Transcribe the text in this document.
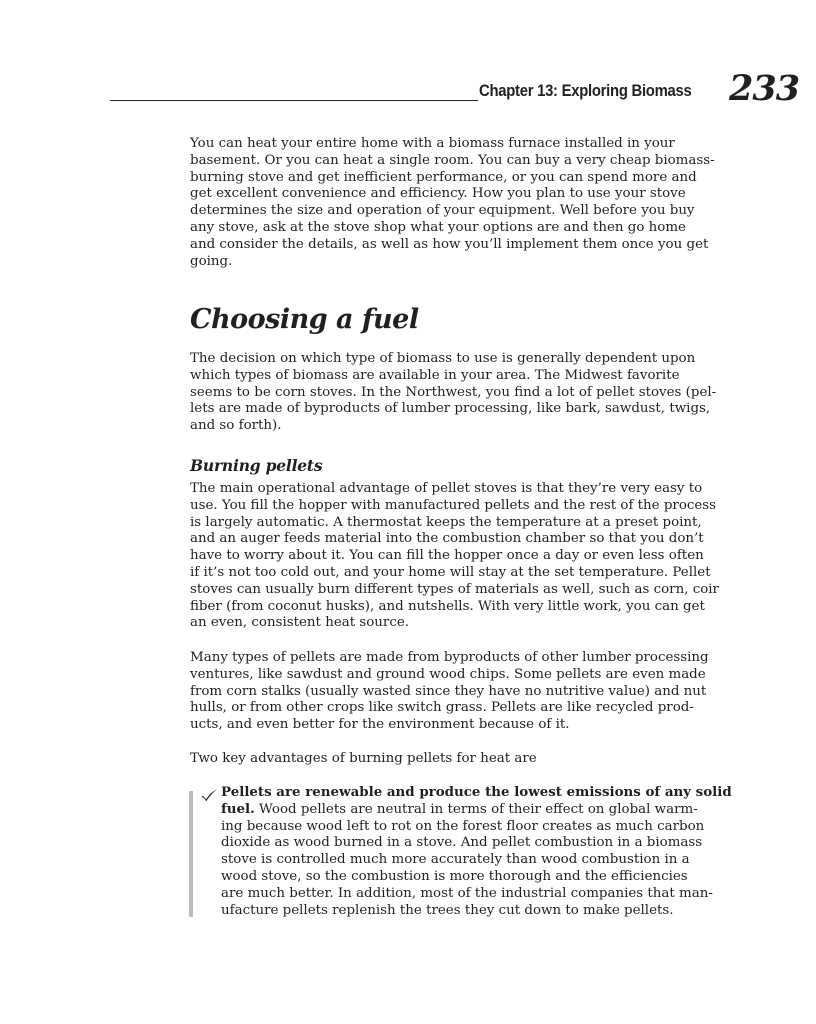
Chapter 13: Exploring Biomass 233
You can heat your entire home with a biomass furnace installed in your
basement. Or you can heat a single room. You can buy a very cheap biomass-
burning stove and get inefficient performance, or you can spend more and
get excellent convenience and efficiency. How you plan to use your stove
determines the size and operation of your equipment. Well before you buy
any stove, ask at the stove shop what your options are and then go home
and consider the details, as well as how you’ll implement them once you get
going.
Choosing a fuel
The decision on which type of biomass to use is generally dependent upon
which types of biomass are available in your area. The Midwest favorite
seems to be corn stoves. In the Northwest, you find a lot of pellet stoves (pel-
lets are made of byproducts of lumber processing, like bark, sawdust, twigs,
and so forth).
Burning pellets
The main operational advantage of pellet stoves is that they’re very easy to
use. You fill the hopper with manufactured pellets and the rest of the process
is largely automatic. A thermostat keeps the temperature at a preset point,
and an auger feeds material into the combustion chamber so that you don’t
have to worry about it. You can fill the hopper once a day or even less often
if it’s not too cold out, and your home will stay at the set temperature. Pellet
stoves can usually burn different types of materials as well, such as corn, coir
fiber (from coconut husks), and nutshells. With very little work, you can get
an even, consistent heat source.
Many types of pellets are made from byproducts of other lumber processing
ventures, like sawdust and ground wood chips. Some pellets are even made
from corn stalks (usually wasted since they have no nutritive value) and nut
hulls, or from other crops like switch grass. Pellets are like recycled prod-
ucts, and even better for the environment because of it.
Two key advantages of burning pellets for heat are
Pellets are renewable and produce the lowest emissions of any solid
fuel. Wood pellets are neutral in terms of their effect on global warm-
ing because wood left to rot on the forest floor creates as much carbon
dioxide as wood burned in a stove. And pellet combustion in a biomass
stove is controlled much more accurately than wood combustion in a
wood stove, so the combustion is more thorough and the efficiencies
are much better. In addition, most of the industrial companies that man-
ufacture pellets replenish the trees they cut down to make pellets.
